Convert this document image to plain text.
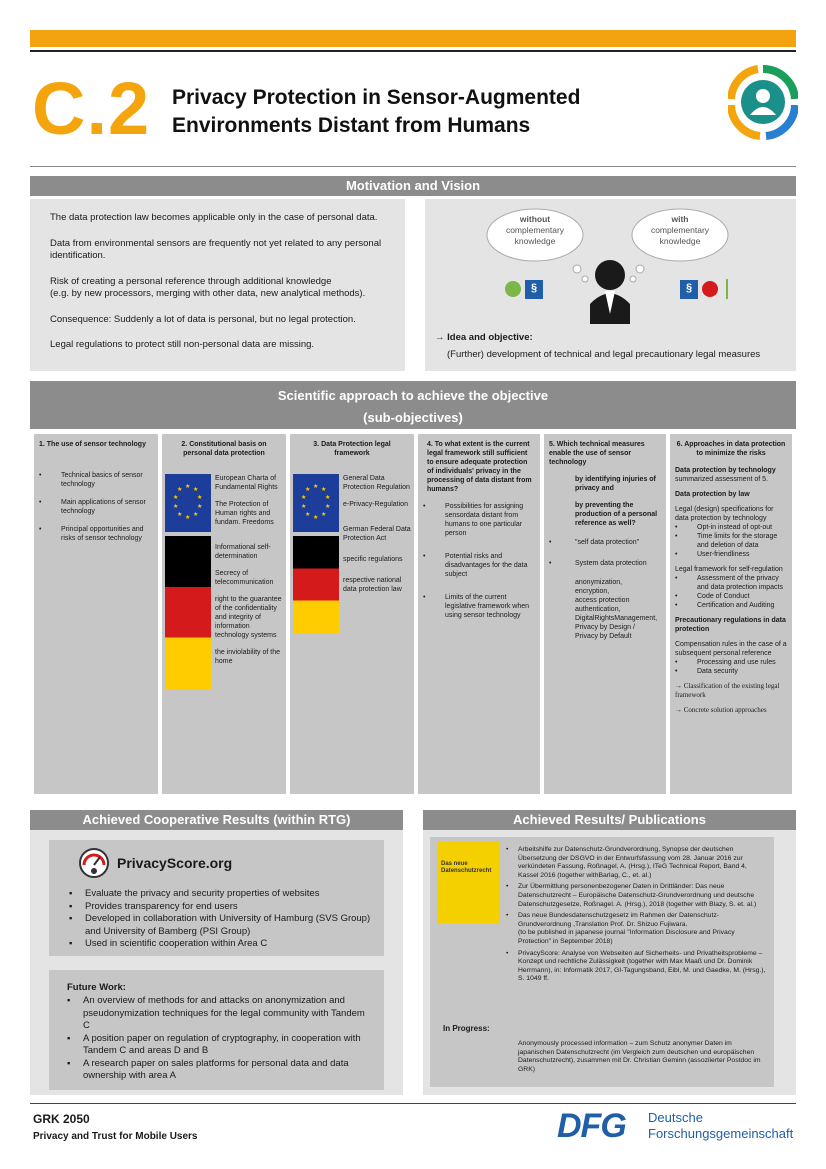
C.2 Privacy Protection in Sensor-Augmented
Environments Distant from Humans
Motivation and Vision

The data protection law becomes applicable only in the case of personal data.

Data from environmental sensors are frequently not yet related to any personal identification.

Risk of creating a personal reference through additional knowledge
(e.g. by new processors, merging with other data, new analytical methods).

Consequence: Suddenly a lot of data is personal, but no legal protection.

Legal regulations to protect still non-personal data are missing.

without
complementary
knowledge
with
complementary
knowledge
§	§
→ Idea and objective:
(Further) development of technical and legal precautionary legal measures
Scientific approach to achieve the objective
(sub-objectives)
1. The use of sensor technology
• Technical basics of sensor technology
• Main applications of sensor technology
• Principal opportunities and risks of sensor technology
2. Constitutional basis on personal data protection
★ ★
★
★
★
★
★
★
★
★
European Charta of Fundamental Rights
The Protection of Human rights and fundam. Freedoms
Informational self-determination
Secrecy of telecommunication
right to the guarantee of the confidentiality and integrity of information technology systems
the inviolability of the home
3. Data Protection legal framework
★ ★
★
★
★
★
★
★
★
★
General Data Protection Regulation
e-Privacy-Regulation
German Federal Data Protection Act
specific regulations
respective national data protection law
4. To what extent is the current legal framework still sufficient to ensure adequate protection of individuals' privacy in the processing of data distant from humans?
• Possibilities for assigning sensordata distant from humans to one particular person
• Potential risks and disadvantages for the data subject
• Limits of the current legislative framework when using sensor technology
5. Which technical measures enable the use of sensor technology
by identifying injuries of privacy and
by preventing the production of a personal reference as well?
• "self data protection"
• System data protection
anonymization,
encryption,
access protection
authentication,
DigitalRightsManagement,
Privacy by Design /
Privacy by Default
6. Approaches in data protection to minimize the risks
Data protection by technology
summarized assessment of 5.
Data protection by law
Legal (design) specifications for data protection by technology
• Opt-in instead of opt-out
• Time limits for the storage and deletion of data
• User-friendliness
Legal framework for self-regulation
• Assessment of the privacy and data protection impacts
• Code of Conduct
• Certification and Auditing
Precautionary regulations in data protection
Compensation rules in the case of a subsequent personal reference
• Processing and use rules
• Data security
→ Classification of the existing legal framework
→ Concrete solution approaches
Achieved Cooperative Results (within RTG)
PrivacyScore.org
▪ Evaluate the privacy and security properties of websites
▪ Provides transparency for end users
▪ Developed in collaboration with University of Hamburg (SVS Group) and University of Bamberg (PSI Group)
▪ Used in scientific cooperation within Area C
Future Work:
▪ An overview of methods for and attacks on anonymization and pseudonymization techniques for the legal community with Tandem C
▪ A position paper on regulation of cryptography, in cooperation with Tandem C and areas D and B
▪ A research paper on sales platforms for personal data and data ownership with area A
Achieved Results/ Publications
Das neue Datenschutzrecht
• Arbeitshilfe zur Datenschutz-Grundverordnung, Synopse der deutschen Übersetzung der DSGVO in der Entwurfsfassung vom 28. Januar 2016 zur verkündeten Fassung, Roßnagel, A. (Hrsg.), ITeG Technical Report, Band 4, Kassel 2016 (together withBarlag, C., et. al.)
• Zur Übermittlung personenbezogener Daten in Drittländer: Das neue Datenschutzrecht – Europäische Datenschutz-Grundverordnung und deutsche Datenschutzgesetze, Roßnagel. A. (Hrsg.), 2018 (together with Blazy, S. et. al.)
• Das neue Bundesdatenschutzgesetz im Rahmen der Datenschutz-Grundverordnung ,Translation Prof. Dr. Shizuo Fujiwara.
(to be published in japanese journal "Information Disclosure and Privacy Protection" in September 2018)
• PrivacyScore: Analyse von Webseiten auf Sicherheits- und Privatheitsprobleme – Konzept und rechtliche Zulässigkeit (together with Max Maaß und Dr. Dominik Herrmann), in: Informatik 2017, GI-Tagungsband, Eibl, M. und Gaedke, M. (Hrsg.), S. 1049 ff.
In Progress:
Anonymously processed information – zum Schutz anonymer Daten im japanischen Datenschutzrecht (im Vergleich zum deutschen und europäischen Datenschutzrecht), zusammen mit Dr. Christian Geminn (assoziierter Postdoc im GRK)
GRK 2050
Privacy and Trust for Mobile Users	DFG Deutsche
Forschungsgemeinschaft
